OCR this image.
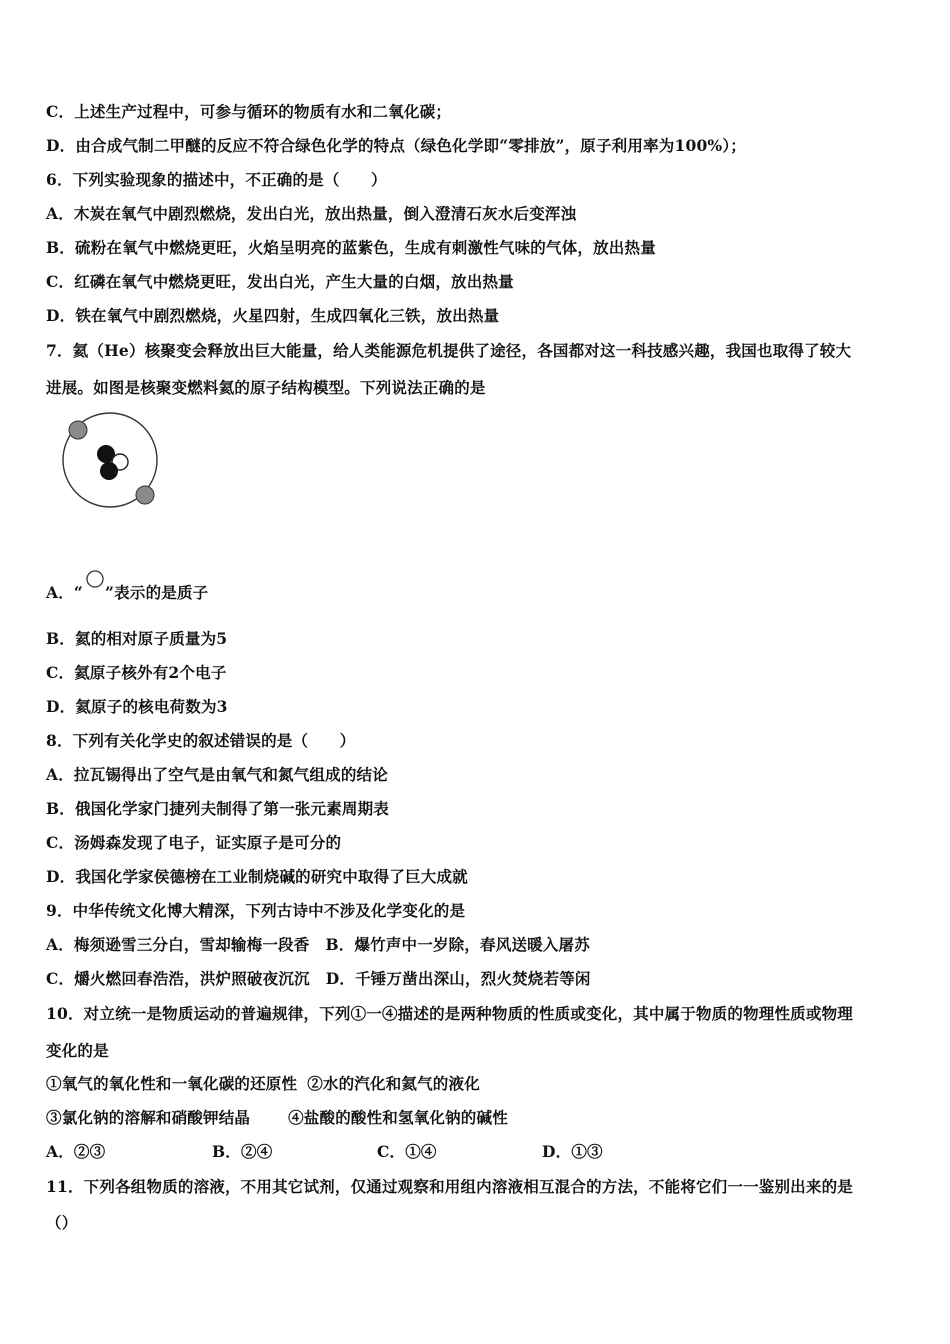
C．上述生产过程中，可参与循环的物质有水和二氧化碳；
D．由合成气制二甲醚的反应不符合绿色化学的特点（绿色化学即“零排放”，原子利用率为100%）；
6．下列实验现象的描述中，不正确的是（　　）
A．木炭在氧气中剧烈燃烧，发出白光，放出热量，倒入澄清石灰水后变浑浊
B．硫粉在氧气中燃烧更旺，火焰呈明亮的蓝紫色，生成有刺激性气味的气体，放出热量
C．红磷在氧气中燃烧更旺，发出白光，产生大量的白烟，放出热量
D．铁在氧气中剧烈燃烧，火星四射，生成四氧化三铁，放出热量
7．氦（He）核聚变会释放出巨大能量，给人类能源危机提供了途径，各国都对这一科技感兴趣，我国也取得了较大
进展。如图是核聚变燃料氦的原子结构模型。下列说法正确的是
A．“ ”表示的是质子
B．氦的相对原子质量为5
C．氦原子核外有2个电子
D．氦原子的核电荷数为3
8．下列有关化学史的叙述错误的是（　　）
A．拉瓦锡得出了空气是由氧气和氮气组成的结论
B．俄国化学家门捷列夫制得了第一张元素周期表
C．汤姆森发现了电子，证实原子是可分的
D．我国化学家侯德榜在工业制烧碱的研究中取得了巨大成就
9．中华传统文化博大精深，下列古诗中不涉及化学变化的是
A．梅须逊雪三分白，雪却输梅一段香 B．爆竹声中一岁除，春风送暖入屠苏
C．爝火燃回春浩浩，洪炉照破夜沉沉 D．千锤万凿出深山，烈火焚烧若等闲
10．对立统一是物质运动的普遍规律，下列①一④描述的是两种物质的性质或变化，其中属于物质的物理性质或物理
变化的是
①氧气的氧化性和一氧化碳的还原性 ②水的汽化和氦气的液化
③氯化钠的溶解和硝酸钾结晶 ④盐酸的酸性和氢氧化钠的碱性
A．②③	B．②④	C．①④	D．①③
11．下列各组物质的溶液，不用其它试剂，仅通过观察和用组内溶液相互混合的方法，不能将它们一一鉴别出来的是
（）
